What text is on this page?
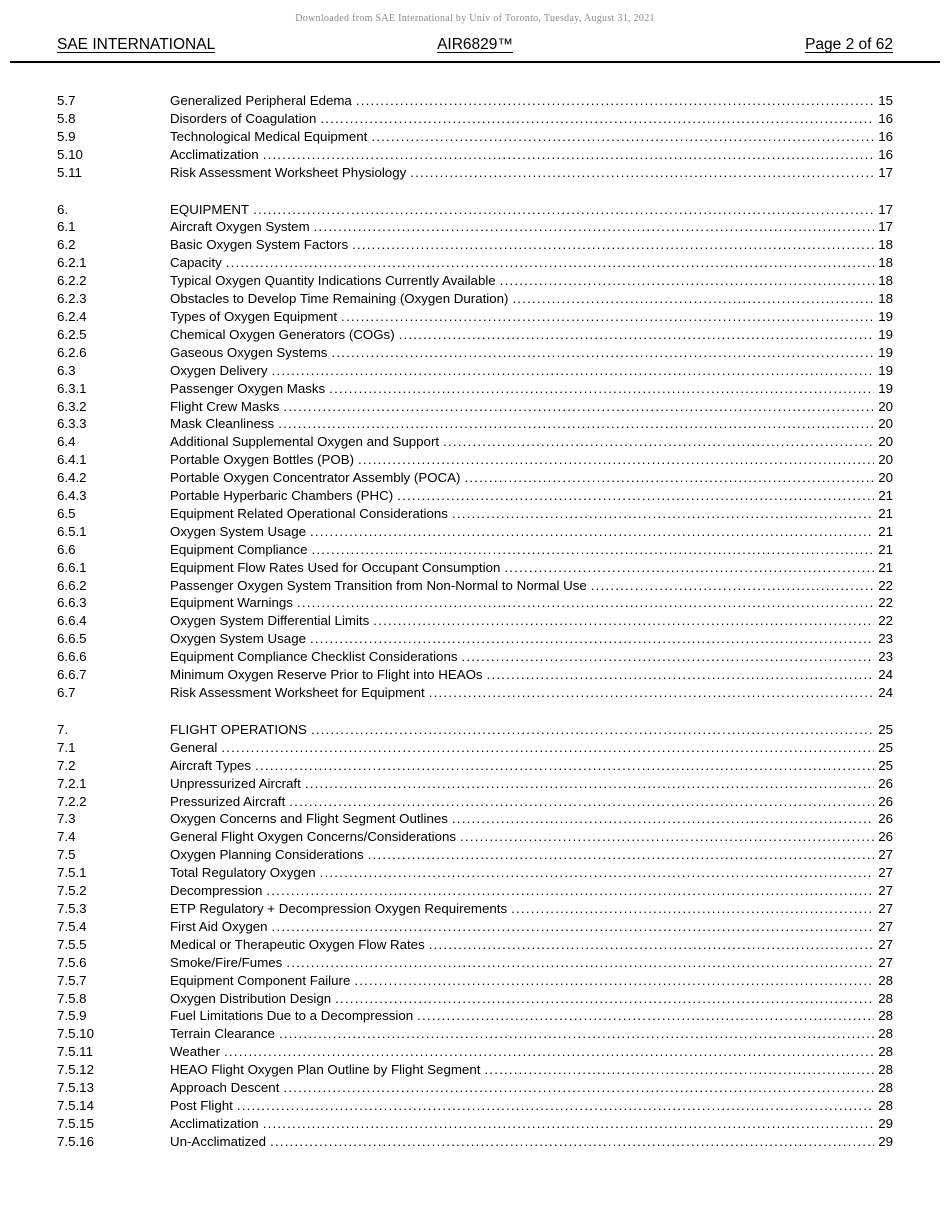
Downloaded from SAE International by Univ of Toronto, Tuesday, August 31, 2021
SAE INTERNATIONAL	AIR6829™	Page 2 of 62
5.7	Generalized Peripheral Edema .....	15
5.8	Disorders of Coagulation .....	16
5.9	Technological Medical Equipment .....	16
5.10	Acclimatization .....	16
5.11	Risk Assessment Worksheet Physiology .....	17
6.	EQUIPMENT .....	17
6.1	Aircraft Oxygen System .....	17
6.2	Basic Oxygen System Factors .....	18
6.2.1	Capacity .....	18
6.2.2	Typical Oxygen Quantity Indications Currently Available .....	18
6.2.3	Obstacles to Develop Time Remaining (Oxygen Duration) .....	18
6.2.4	Types of Oxygen Equipment .....	19
6.2.5	Chemical Oxygen Generators (COGs) .....	19
6.2.6	Gaseous Oxygen Systems .....	19
6.3	Oxygen Delivery .....	19
6.3.1	Passenger Oxygen Masks .....	19
6.3.2	Flight Crew Masks .....	20
6.3.3	Mask Cleanliness .....	20
6.4	Additional Supplemental Oxygen and Support .....	20
6.4.1	Portable Oxygen Bottles (POB) .....	20
6.4.2	Portable Oxygen Concentrator Assembly (POCA) .....	20
6.4.3	Portable Hyperbaric Chambers (PHC) .....	21
6.5	Equipment Related Operational Considerations .....	21
6.5.1	Oxygen System Usage .....	21
6.6	Equipment Compliance .....	21
6.6.1	Equipment Flow Rates Used for Occupant Consumption .....	21
6.6.2	Passenger Oxygen System Transition from Non-Normal to Normal Use .....	22
6.6.3	Equipment Warnings .....	22
6.6.4	Oxygen System Differential Limits .....	22
6.6.5	Oxygen System Usage .....	23
6.6.6	Equipment Compliance Checklist Considerations .....	23
6.6.7	Minimum Oxygen Reserve Prior to Flight into HEAOs .....	24
6.7	Risk Assessment Worksheet for Equipment .....	24
7.	FLIGHT OPERATIONS .....	25
7.1	General .....	25
7.2	Aircraft Types .....	25
7.2.1	Unpressurized Aircraft .....	26
7.2.2	Pressurized Aircraft .....	26
7.3	Oxygen Concerns and Flight Segment Outlines .....	26
7.4	General Flight Oxygen Concerns/Considerations .....	26
7.5	Oxygen Planning Considerations .....	27
7.5.1	Total Regulatory Oxygen .....	27
7.5.2	Decompression .....	27
7.5.3	ETP Regulatory + Decompression Oxygen Requirements .....	27
7.5.4	First Aid Oxygen .....	27
7.5.5	Medical or Therapeutic Oxygen Flow Rates .....	27
7.5.6	Smoke/Fire/Fumes .....	27
7.5.7	Equipment Component Failure .....	28
7.5.8	Oxygen Distribution Design .....	28
7.5.9	Fuel Limitations Due to a Decompression .....	28
7.5.10	Terrain Clearance .....	28
7.5.11	Weather .....	28
7.5.12	HEAO Flight Oxygen Plan Outline by Flight Segment .....	28
7.5.13	Approach Descent .....	28
7.5.14	Post Flight .....	28
7.5.15	Acclimatization .....	29
7.5.16	Un-Acclimatized .....	29
